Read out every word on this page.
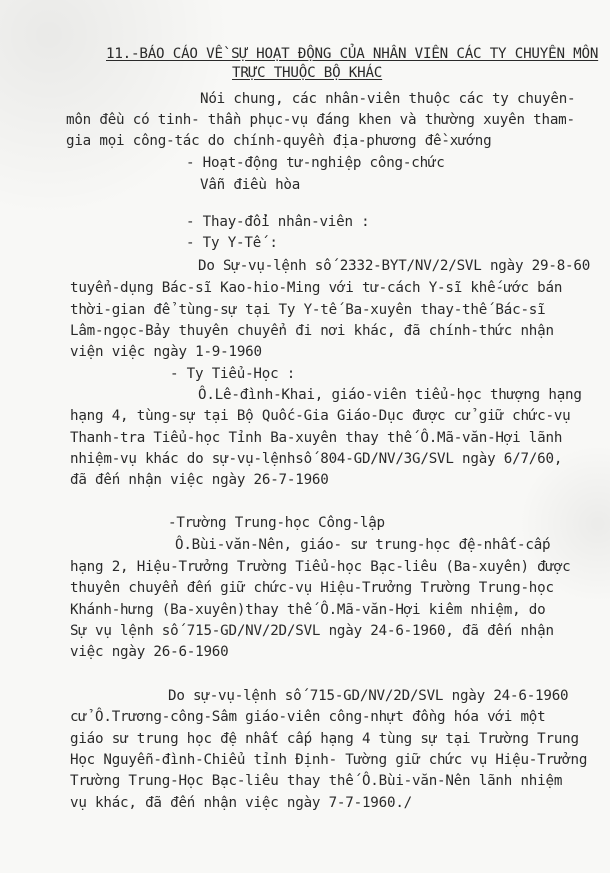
11.-BÁO CÁO VỀ SỰ HOẠT ĐỘNG CỦA NHÂN VIÊN CÁC TY CHUYÊN MÔN
TRỰC THUỘC BỘ KHÁC
Nói chung, các nhân-viên thuộc các ty chuyên-
môn đều có tinh- thần phục-vụ đáng khen và thường xuyên tham-
gia mọi công-tác do chính-quyền địa-phương đề-xướng
- Hoạt-động tư-nghiệp công-chức
Vẫn điều hòa
- Thay-đổi nhân-viên :
- Ty Y-Tế :
Do Sự-vụ-lệnh số 2332-BYT/NV/2/SVL ngày 29-8-60
tuyển-dụng Bác-sĩ Kao-hio-Ming với tư-cách Y-sĩ khế-ước bán
thời-gian để tùng-sự tại Ty Y-tế Ba-xuyên thay-thế Bác-sĩ
Lâm-ngọc-Bảy thuyên chuyển đi nơi khác, đã chính-thức nhận
viện việc ngày 1-9-1960
- Ty Tiểu-Học :
Ô.Lê-đình-Khai, giáo-viên tiểu-học thượng hạng
hạng 4, tùng-sự tại Bộ Quốc-Gia Giáo-Dục được cử giữ chức-vụ
Thanh-tra Tiểu-học Tỉnh Ba-xuyên thay thế Ô.Mã-văn-Hợi lãnh
nhiệm-vụ khác do sự-vụ-lệnhsố 804-GD/NV/3G/SVL ngày 6/7/60,
đã đến nhận việc ngày 26-7-1960
-Trường Trung-học Công-lập
Ô.Bùi-văn-Nên, giáo- sư trung-học đệ-nhất-cấp
hạng 2, Hiệu-Trưởng Trường Tiểu-học Bạc-liêu (Ba-xuyên) được
thuyên chuyển đến giữ chức-vụ Hiệu-Trưởng Trường Trung-học
Khánh-hưng (Ba-xuyên)thay thế Ô.Mã-văn-Hợi kiêm nhiệm, do
Sự vụ lệnh số 715-GD/NV/2D/SVL ngày 24-6-1960, đã đến nhận
việc ngày 26-6-1960
Do sự-vụ-lệnh số 715-GD/NV/2D/SVL ngày 24-6-1960
cử Ô.Trương-công-Sâm giáo-viên công-nhựt đồng hóa với một
giáo sư trung học đệ nhất cấp hạng 4 tùng sự tại Trường Trung
Học Nguyễn-đình-Chiểu tỉnh Định- Tường giữ chức vụ Hiệu-Trưởng
Trường Trung-Học Bạc-liêu thay thế Ô.Bùi-văn-Nên lãnh nhiệm
vụ khác, đã đến nhận việc ngày 7-7-1960./
